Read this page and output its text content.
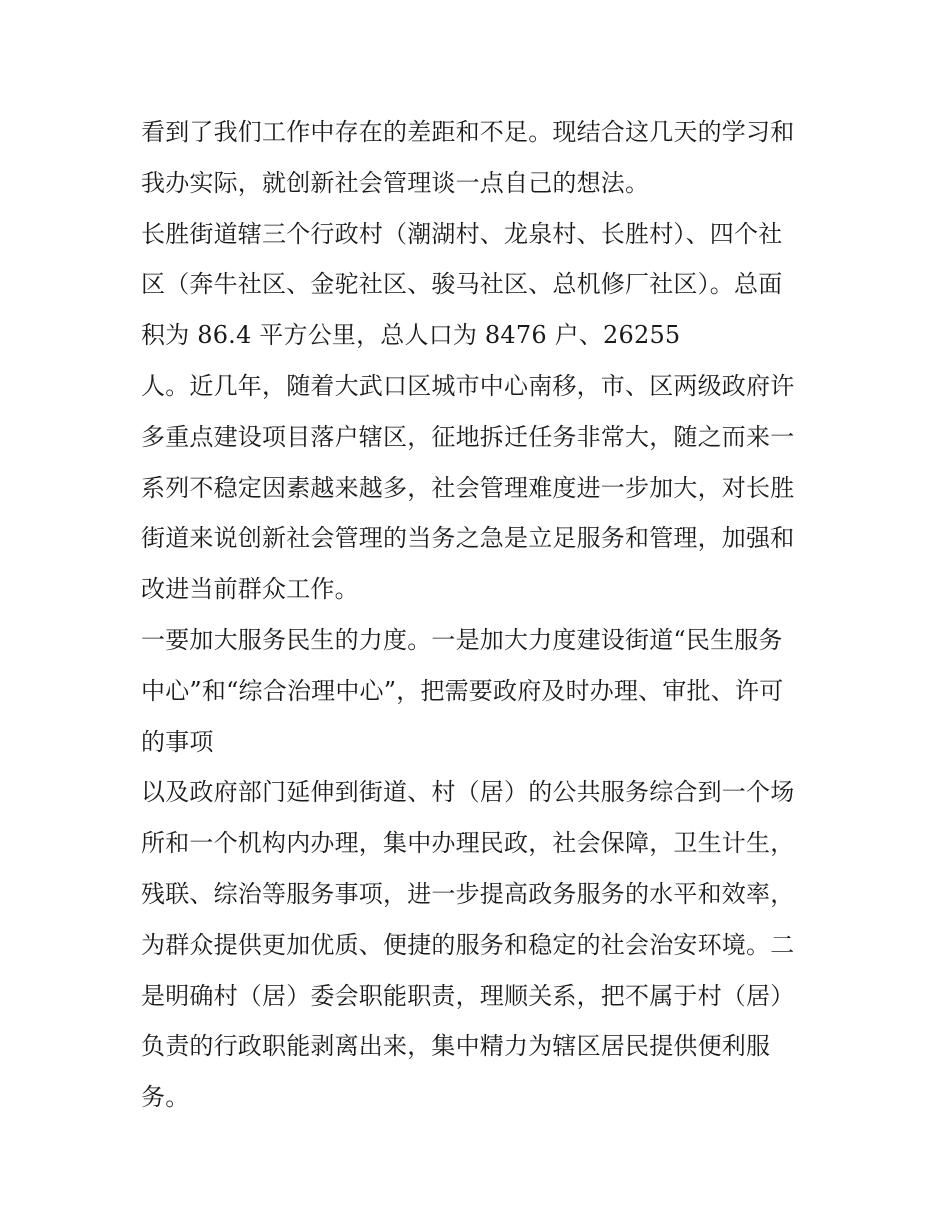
看到了我们工作中存在的差距和不足。现结合这几天的学习和
我办实际，就创新社会管理谈一点自己的想法。
长胜街道辖三个行政村（潮湖村、龙泉村、长胜村）、四个社
区（奔牛社区、金驼社区、骏马社区、总机修厂社区）。总面
积为 86.4 平方公里，总人口为 8476 户、26255
人。近几年，随着大武口区城市中心南移，市、区两级政府许
多重点建设项目落户辖区，征地拆迁任务非常大，随之而来一
系列不稳定因素越来越多，社会管理难度进一步加大，对长胜
街道来说创新社会管理的当务之急是立足服务和管理，加强和
改进当前群众工作。
一要加大服务民生的力度。一是加大力度建设街道“民生服务
中心”和“综合治理中心”，把需要政府及时办理、审批、许可
的事项
以及政府部门延伸到街道、村（居）的公共服务综合到一个场
所和一个机构内办理，集中办理民政，社会保障，卫生计生，
残联、综治等服务事项，进一步提高政务服务的水平和效率，
为群众提供更加优质、便捷的服务和稳定的社会治安环境。二
是明确村（居）委会职能职责，理顺关系，把不属于村（居）
负责的行政职能剥离出来，集中精力为辖区居民提供便利服
务。
